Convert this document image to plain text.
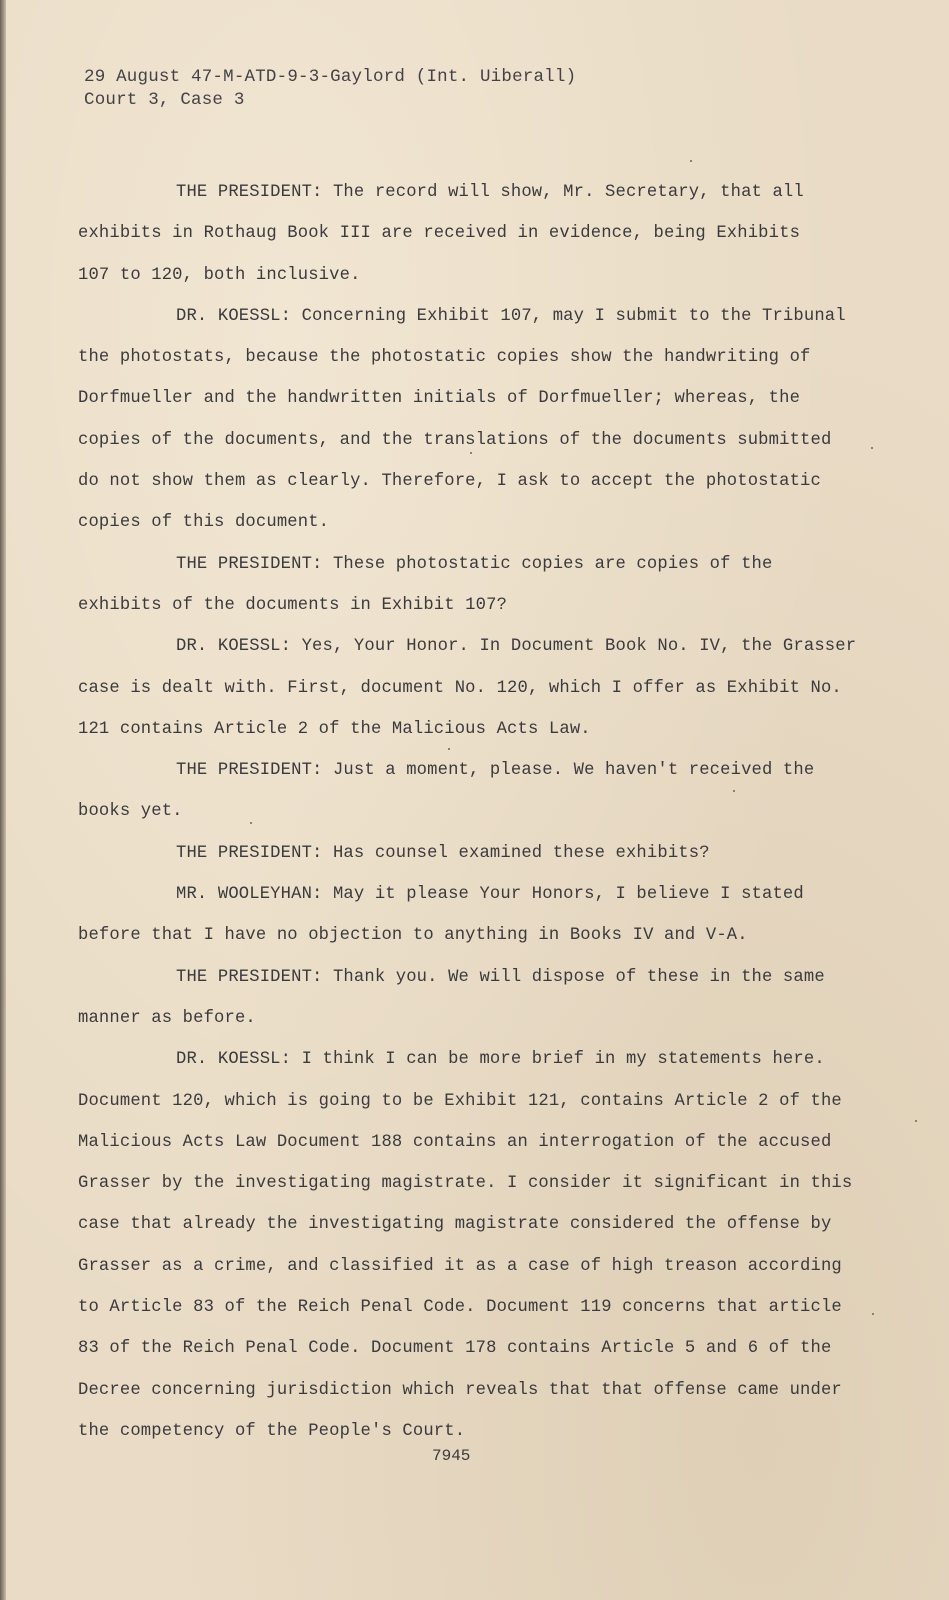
29 August 47-M-ATD-9-3-Gaylord (Int. Uiberall)
Court 3, Case 3
THE PRESIDENT: The record will show, Mr. Secretary, that all
exhibits in Rothaug Book III are received in evidence, being Exhibits
107 to 120, both inclusive.
DR. KOESSL: Concerning Exhibit 107, may I submit to the Tribunal
the photostats, because the photostatic copies show the handwriting of
Dorfmueller and the handwritten initials of Dorfmueller; whereas, the
copies of the documents, and the translations of the documents submitted
do not show them as clearly. Therefore, I ask to accept the photostatic
copies of this document.
THE PRESIDENT: These photostatic copies are copies of the
exhibits of the documents in Exhibit 107?
DR. KOESSL: Yes, Your Honor. In Document Book No. IV, the Grasser
case is dealt with. First, document No. 120, which I offer as Exhibit No.
121 contains Article 2 of the Malicious Acts Law.
THE PRESIDENT: Just a moment, please. We haven't received the
books yet.
THE PRESIDENT: Has counsel examined these exhibits?
MR. WOOLEYHAN: May it please Your Honors, I believe I stated
before that I have no objection to anything in Books IV and V-A.
THE PRESIDENT: Thank you. We will dispose of these in the same
manner as before.
DR. KOESSL: I think I can be more brief in my statements here.
Document 120, which is going to be Exhibit 121, contains Article 2 of the
Malicious Acts Law Document 188 contains an interrogation of the accused
Grasser by the investigating magistrate. I consider it significant in this
case that already the investigating magistrate considered the offense by
Grasser as a crime, and classified it as a case of high treason according
to Article 83 of the Reich Penal Code. Document 119 concerns that article
83 of the Reich Penal Code. Document 178 contains Article 5 and 6 of the
Decree concerning jurisdiction which reveals that that offense came under
the competency of the People's Court.
7945
